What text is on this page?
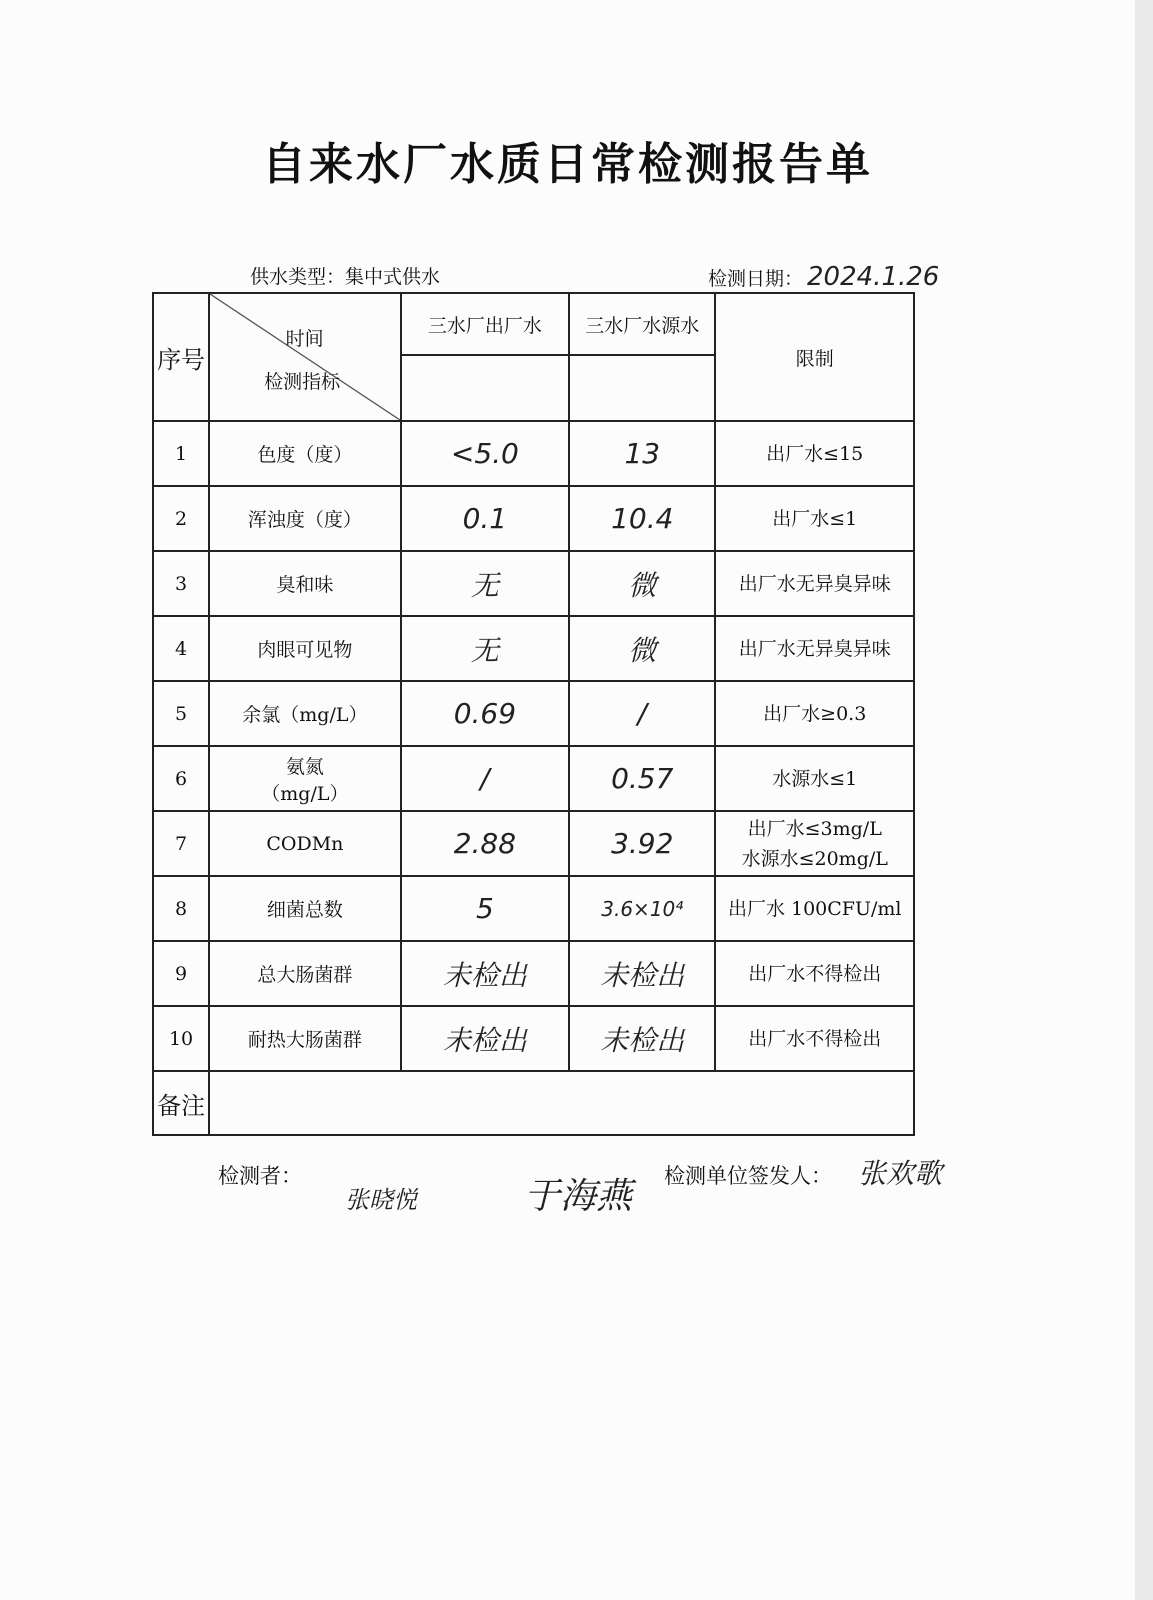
自来水厂水质日常检测报告单
供水类型：集中式供水	检测日期： 2024.1.26
序号	时间
检测指标	三水厂出厂水	三水厂水源水	限制

1	色度（度）	<5.0	13	出厂水≤15
2	浑浊度（度）	0.1	10.4	出厂水≤1
3	臭和味	无	微	出厂水无异臭异味
4	肉眼可见物	无	微	出厂水无异臭异味
5	余氯（mg/L）	0.69	/	出厂水≥0.3
6	氨氮
（mg/L）	/	0.57	水源水≤1
7	CODMn	2.88	3.92	出厂水≤3mg/L
水源水≤20mg/L

8	细菌总数	5	3.6×10⁴	出厂水 100CFU/ml
9	总大肠菌群	未检出	未检出	出厂水不得检出
10	耐热大肠菌群	未检出	未检出	出厂水不得检出
备注				
检测者：	检测单位签发人：
张晓悦	于海燕
张欢歌
